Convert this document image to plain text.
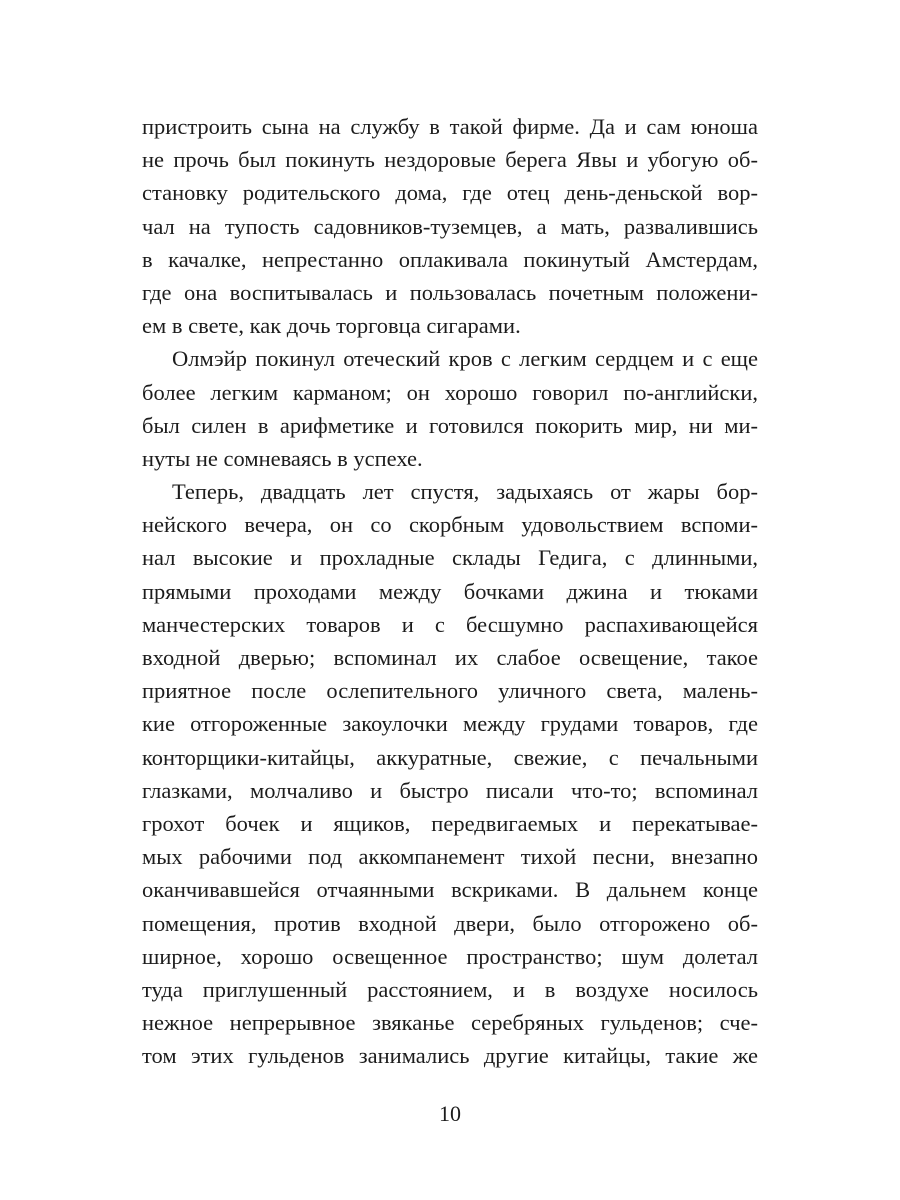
пристроить сына на службу в такой фирме. Да и сам юноша
не прочь был покинуть нездоровые берега Явы и убогую об-
становку родительского дома, где отец день-деньской вор-
чал на тупость садовников-туземцев, а мать, развалившись
в качалке, непрестанно оплакивала покинутый Амстердам,
где она воспитывалась и пользовалась почетным положени-
ем в свете, как дочь торговца сигарами.
Олмэйр покинул отеческий кров с легким сердцем и с еще
более легким карманом; он хорошо говорил по-английски,
был силен в арифметике и готовился покорить мир, ни ми-
нуты не сомневаясь в успехе.
Теперь, двадцать лет спустя, задыхаясь от жары бор-
нейского вечера, он со скорбным удовольствием вспоми-
нал высокие и прохладные склады Гедига, с длинными,
прямыми проходами между бочками джина и тюками
манчестерских товаров и с бесшумно распахивающейся
входной дверью; вспоминал их слабое освещение, такое
приятное после ослепительного уличного света, малень-
кие отгороженные закоулочки между грудами товаров, где
конторщики-китайцы, аккуратные, свежие, с печальными
глазками, молчаливо и быстро писали что-то; вспоминал
грохот бочек и ящиков, передвигаемых и перекатывае-
мых рабочими под аккомпанемент тихой песни, внезапно
оканчивавшейся отчаянными вскриками. В дальнем конце
помещения, против входной двери, было отгорожено об-
ширное, хорошо освещенное пространство; шум долетал
туда приглушенный расстоянием, и в воздухе носилось
нежное непрерывное звяканье серебряных гульденов; сче-
том этих гульденов занимались другие китайцы, такие же
10
